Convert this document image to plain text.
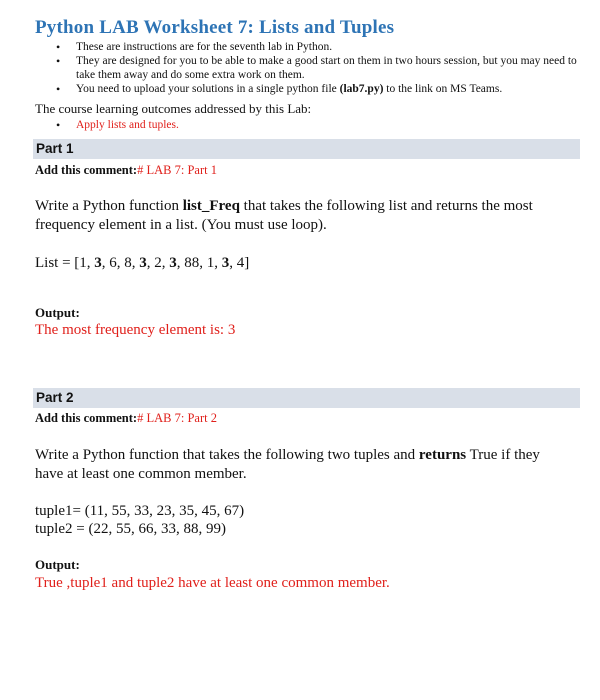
Python LAB Worksheet 7: Lists and Tuples
• These are instructions are for the seventh lab in Python.
• They are designed for you to be able to make a good start on them in two hours session, but you may need to take them away and do some extra work on them.
• You need to upload your solutions in a single python file (lab7.py) to the link on MS Teams.
The course learning outcomes addressed by this Lab:
• Apply lists and tuples.
Part 1
Add this comment:# LAB 7: Part 1
Write a Python function list_Freq that takes the following list and returns the most frequency element in a list. (You must use loop).
List = [1, 3, 6, 8, 3, 2, 3, 88, 1, 3, 4]
Output:
The most frequency element is: 3
Part 2
Add this comment:# LAB 7: Part 2
Write a Python function that takes the following two tuples and returns True if they have at least one common member.
tuple1= (11, 55, 33, 23, 35, 45, 67)
tuple2 = (22, 55, 66, 33, 88, 99)
Output:
True ,tuple1 and tuple2 have at least one common member.
